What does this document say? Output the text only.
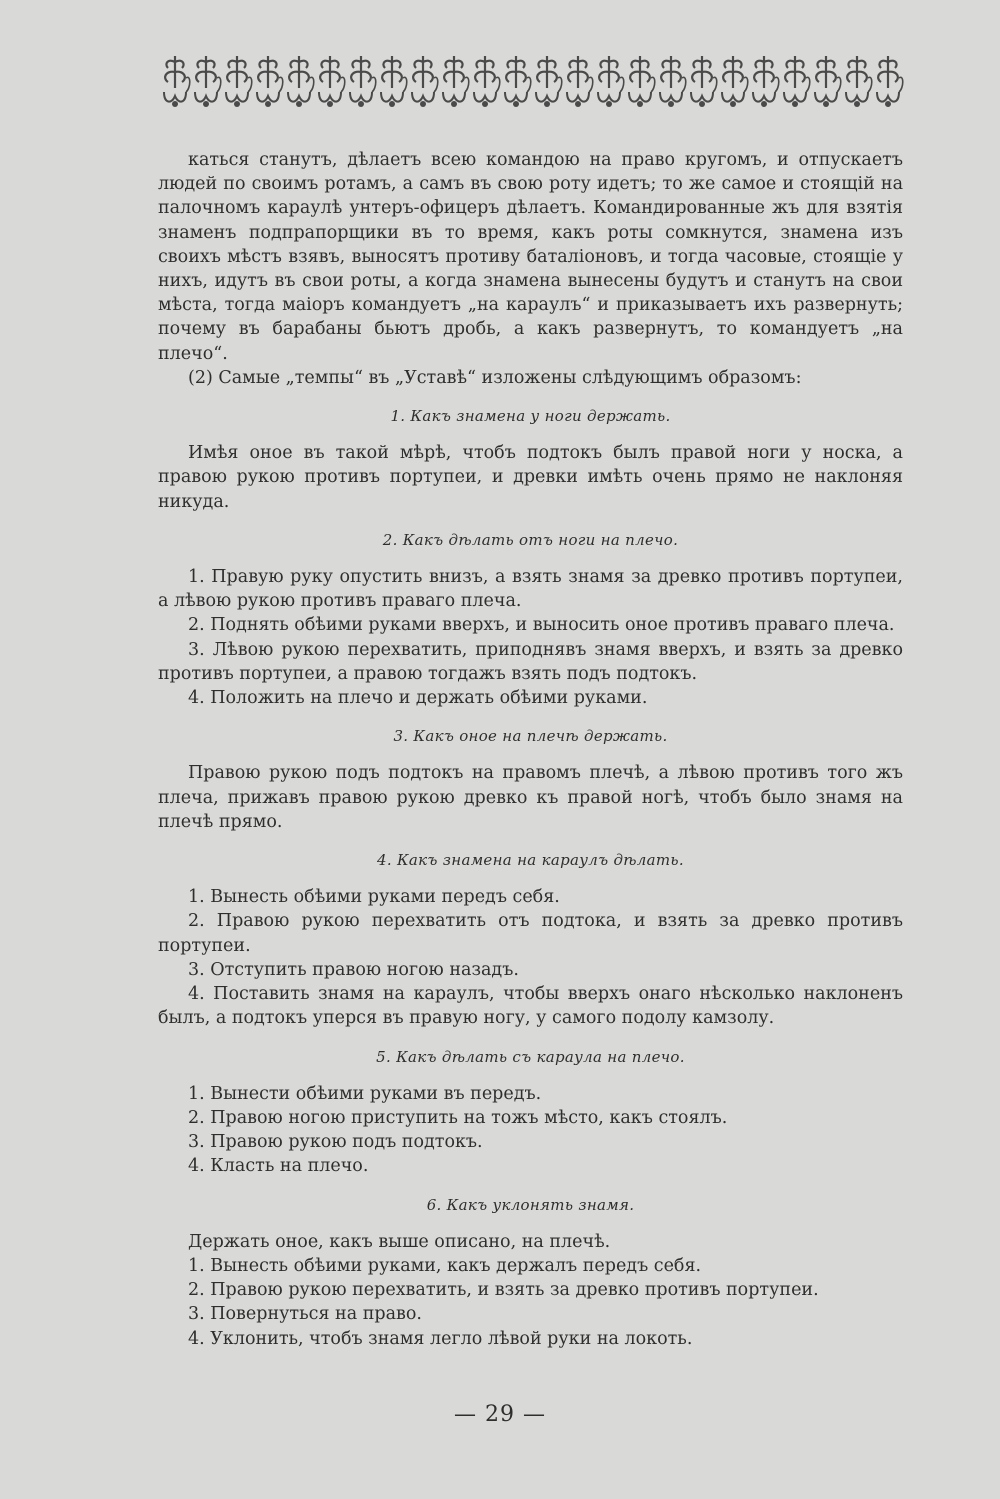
каться станутъ, дѣлаетъ всею командою на право кругомъ, и отпускаетъ людей по своимъ ротамъ, а самъ въ свою роту идетъ; то же самое и стоящій на палочномъ караулѣ унтеръ-офицеръ дѣлаетъ. Командированные жъ для взятія знаменъ подпрапорщики въ то время, какъ роты сомкнутся, знамена изъ своихъ мѣстъ взявъ, выносятъ противу баталіоновъ, и тогда часовые, стоящіе у нихъ, идутъ въ свои роты, а когда знамена вынесены будутъ и станутъ на свои мѣста, тогда маіоръ командуетъ „на караулъ“ и приказываетъ ихъ развернуть; почему въ барабаны бьютъ дробь, а какъ развернутъ, то командуетъ „на плечо“.

(2) Самые „темпы“ въ „Уставѣ“ изложены слѣдующимъ образомъ:

1. Какъ знамена у ноги держать.

Имѣя оное въ такой мѣрѣ, чтобъ подтокъ былъ правой ноги у носка, а правою рукою противъ портупеи, и древки имѣть очень прямо не наклоняя никуда.

2. Какъ дѣлать отъ ноги на плечо.

1. Правую руку опустить внизъ, а взять знамя за древко противъ портупеи, а лѣвою рукою противъ праваго плеча.

2. Поднять обѣими руками вверхъ, и выносить оное противъ праваго плеча.

3. Лѣвою рукою перехватить, приподнявъ знамя вверхъ, и взять за древко противъ портупеи, а правою тогдажъ взять подъ подтокъ.

4. Положить на плечо и держать обѣими руками.

3. Какъ оное на плечѣ держать.

Правою рукою подъ подтокъ на правомъ плечѣ, а лѣвою противъ того жъ плеча, прижавъ правою рукою древко къ правой ногѣ, чтобъ было знамя на плечѣ прямо.

4. Какъ знамена на караулъ дѣлать.

1. Вынесть обѣими руками передъ себя.

2. Правою рукою перехватить отъ подтока, и взять за древко противъ портупеи.

3. Отступить правою ногою назадъ.

4. Поставить знамя на караулъ, чтобы вверхъ онаго нѣсколько наклоненъ былъ, а подтокъ уперся въ правую ногу, у самого подолу камзолу.

5. Какъ дѣлать съ караула на плечо.

1. Вынести обѣими руками въ передъ.

2. Правою ногою приступить на тожъ мѣсто, какъ стоялъ.

3. Правою рукою подъ подтокъ.

4. Класть на плечо.

6. Какъ уклонять знамя.

Держать оное, какъ выше описано, на плечѣ.

1. Вынесть обѣими руками, какъ держалъ передъ себя.

2. Правою рукою перехватить, и взять за древко противъ портупеи.

3. Повернуться на право.

4. Уклонить, чтобъ знамя легло лѣвой руки на локоть.

— 29 —
